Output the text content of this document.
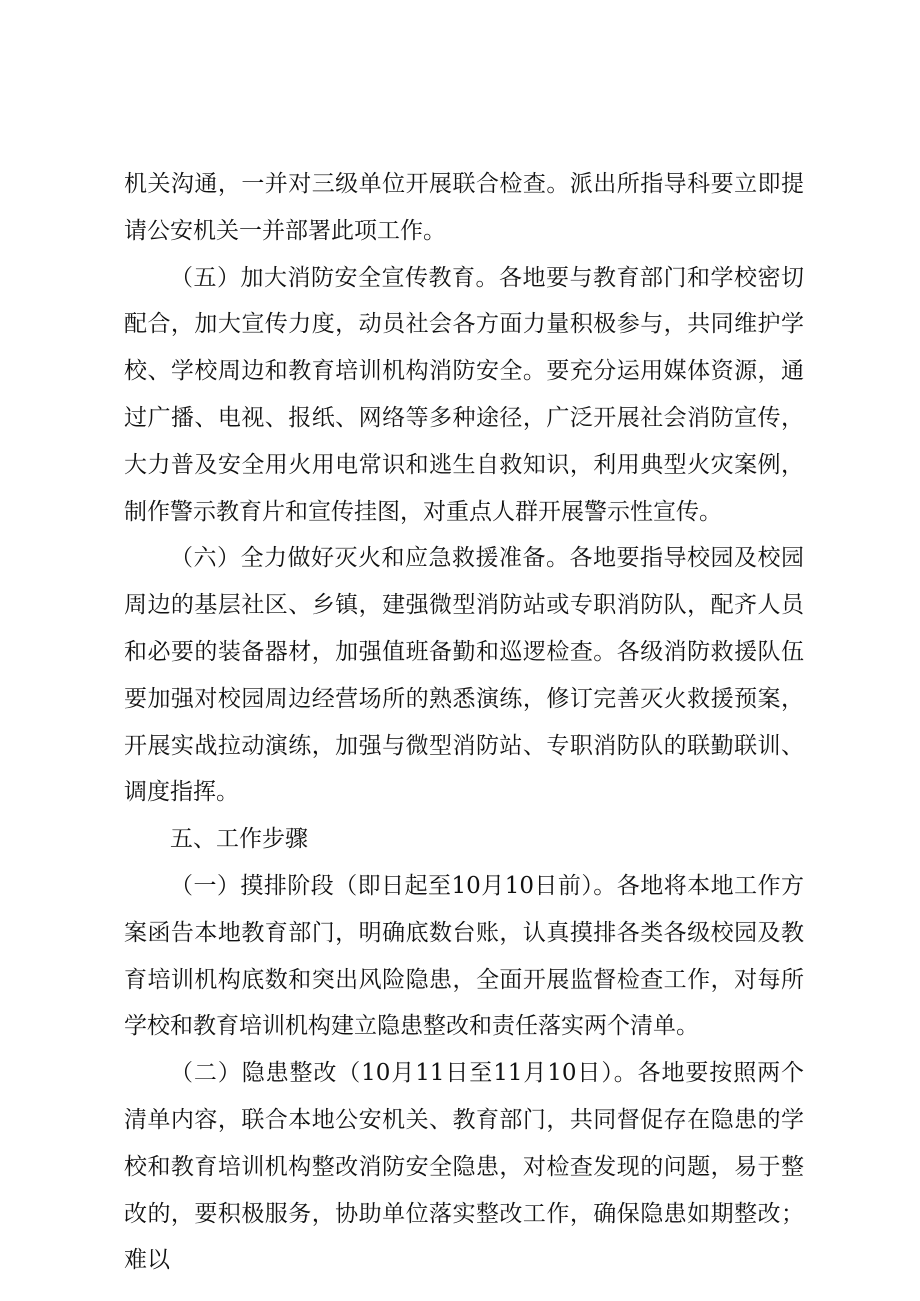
机关沟通，一并对三级单位开展联合检查。派出所指导科要立即提请公安机关一并部署此项工作。

（五）加大消防安全宣传教育。各地要与教育部门和学校密切配合，加大宣传力度，动员社会各方面力量积极参与，共同维护学校、学校周边和教育培训机构消防安全。要充分运用媒体资源，通过广播、电视、报纸、网络等多种途径，广泛开展社会消防宣传，大力普及安全用火用电常识和逃生自救知识，利用典型火灾案例，制作警示教育片和宣传挂图，对重点人群开展警示性宣传。

（六）全力做好灭火和应急救援准备。各地要指导校园及校园周边的基层社区、乡镇，建强微型消防站或专职消防队，配齐人员和必要的装备器材，加强值班备勤和巡逻检查。各级消防救援队伍要加强对校园周边经营场所的熟悉演练，修订完善灭火救援预案，开展实战拉动演练，加强与微型消防站、专职消防队的联勤联训、调度指挥。

五、工作步骤

（一）摸排阶段（即日起至10月10日前）。各地将本地工作方案函告本地教育部门，明确底数台账，认真摸排各类各级校园及教育培训机构底数和突出风险隐患，全面开展监督检查工作，对每所学校和教育培训机构建立隐患整改和责任落实两个清单。

（二）隐患整改（10月11日至11月10日）。各地要按照两个清单内容，联合本地公安机关、教育部门，共同督促存在隐患的学校和教育培训机构整改消防安全隐患，对检查发现的问题，易于整改的，要积极服务，协助单位落实整改工作，确保隐患如期整改；难以
